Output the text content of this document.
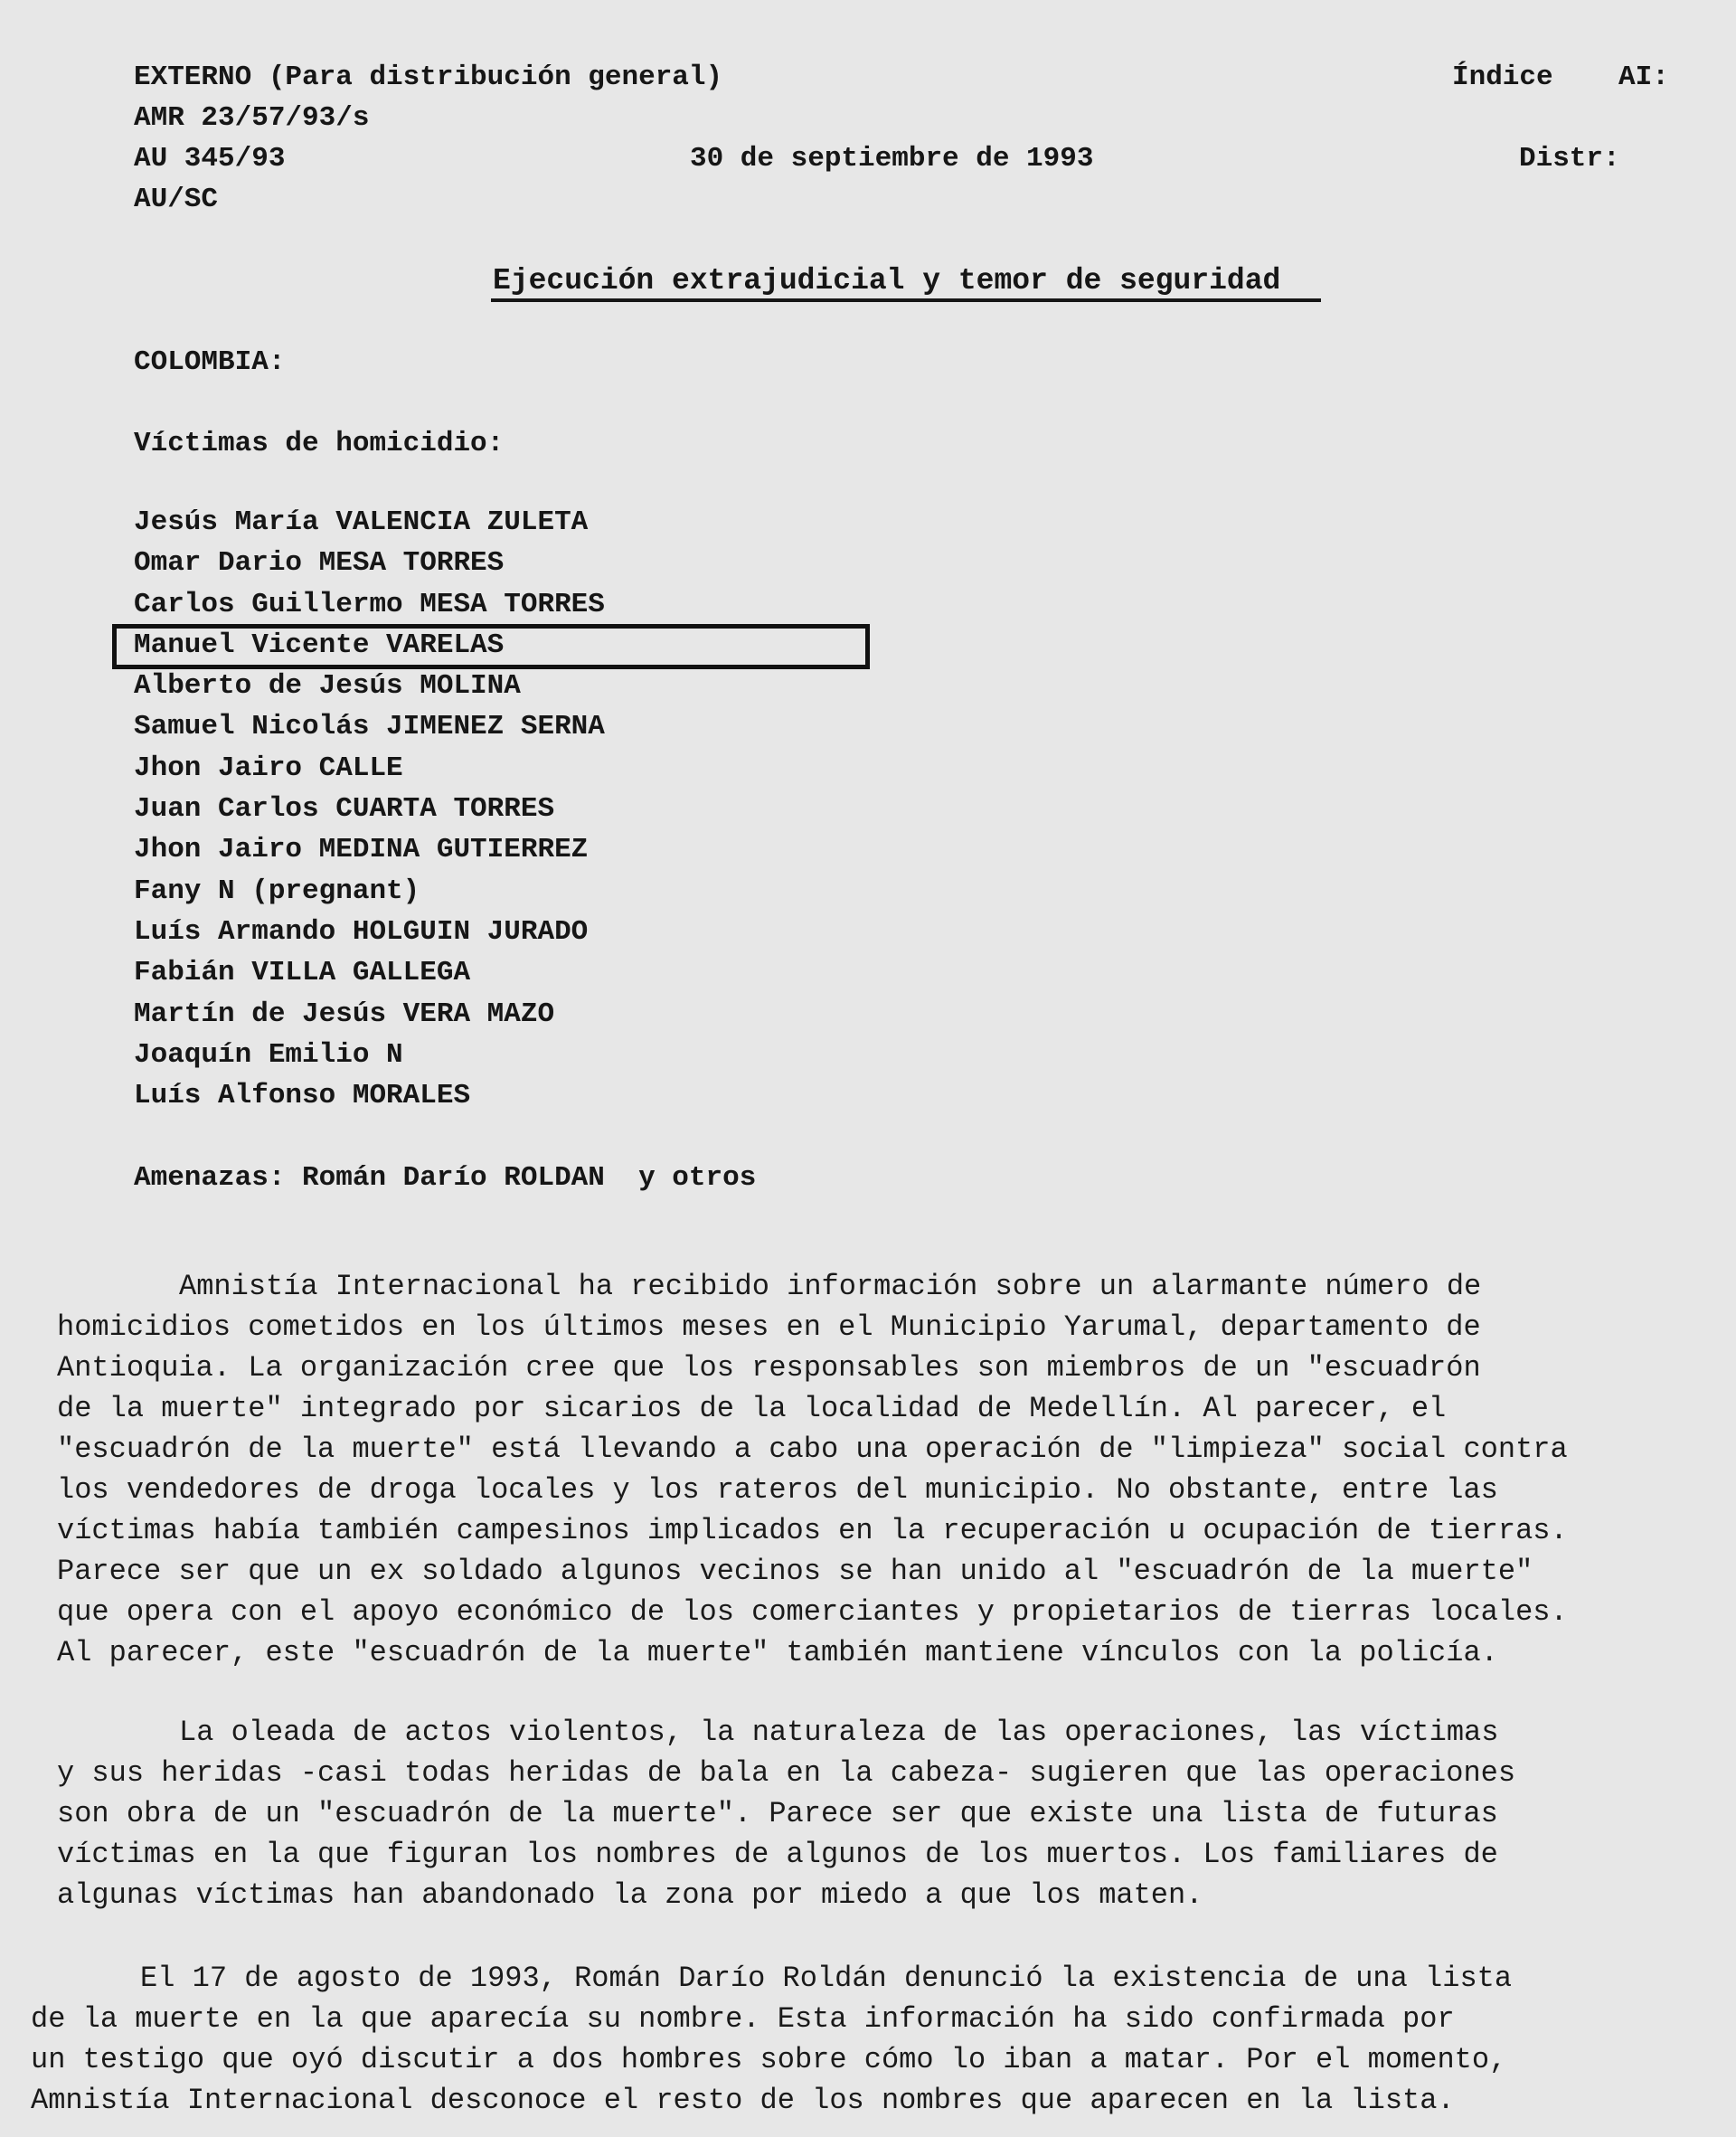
EXTERNO (Para distribución general)	Índice AI:
AMR 23/57/93/s
AU 345/93	30 de septiembre de 1993	Distr:
AU/SC
Ejecución extrajudicial y temor de seguridad
COLOMBIA:
Víctimas de homicidio:
Jesús María VALENCIA ZULETA
Omar Dario MESA TORRES
Carlos Guillermo MESA TORRES
Manuel Vicente VARELAS
Alberto de Jesús MOLINA
Samuel Nicolás JIMENEZ SERNA
Jhon Jairo CALLE
Juan Carlos CUARTA TORRES
Jhon Jairo MEDINA GUTIERREZ
Fany N (pregnant)
Luís Armando HOLGUIN JURADO
Fabián VILLA GALLEGA
Martín de Jesús VERA MAZO
Joaquín Emilio N
Luís Alfonso MORALES
Amenazas: Román Darío ROLDAN  y otros
Amnistía Internacional ha recibido información sobre un alarmante número de
homicidios cometidos en los últimos meses en el Municipio Yarumal, departamento de
Antioquia. La organización cree que los responsables son miembros de un "escuadrón
de la muerte" integrado por sicarios de la localidad de Medellín. Al parecer, el
"escuadrón de la muerte" está llevando a cabo una operación de "limpieza" social contra
los vendedores de droga locales y los rateros del municipio. No obstante, entre las
víctimas había también campesinos implicados en la recuperación u ocupación de tierras.
Parece ser que un ex soldado algunos vecinos se han unido al "escuadrón de la muerte"
que opera con el apoyo económico de los comerciantes y propietarios de tierras locales.
Al parecer, este "escuadrón de la muerte" también mantiene vínculos con la policía.
La oleada de actos violentos, la naturaleza de las operaciones, las víctimas
y sus heridas -casi todas heridas de bala en la cabeza- sugieren que las operaciones
son obra de un "escuadrón de la muerte". Parece ser que existe una lista de futuras
víctimas en la que figuran los nombres de algunos de los muertos. Los familiares de
algunas víctimas han abandonado la zona por miedo a que los maten.
El 17 de agosto de 1993, Román Darío Roldán denunció la existencia de una lista
de la muerte en la que aparecía su nombre. Esta información ha sido confirmada por
un testigo que oyó discutir a dos hombres sobre cómo lo iban a matar. Por el momento,
Amnistía Internacional desconoce el resto de los nombres que aparecen en la lista.
